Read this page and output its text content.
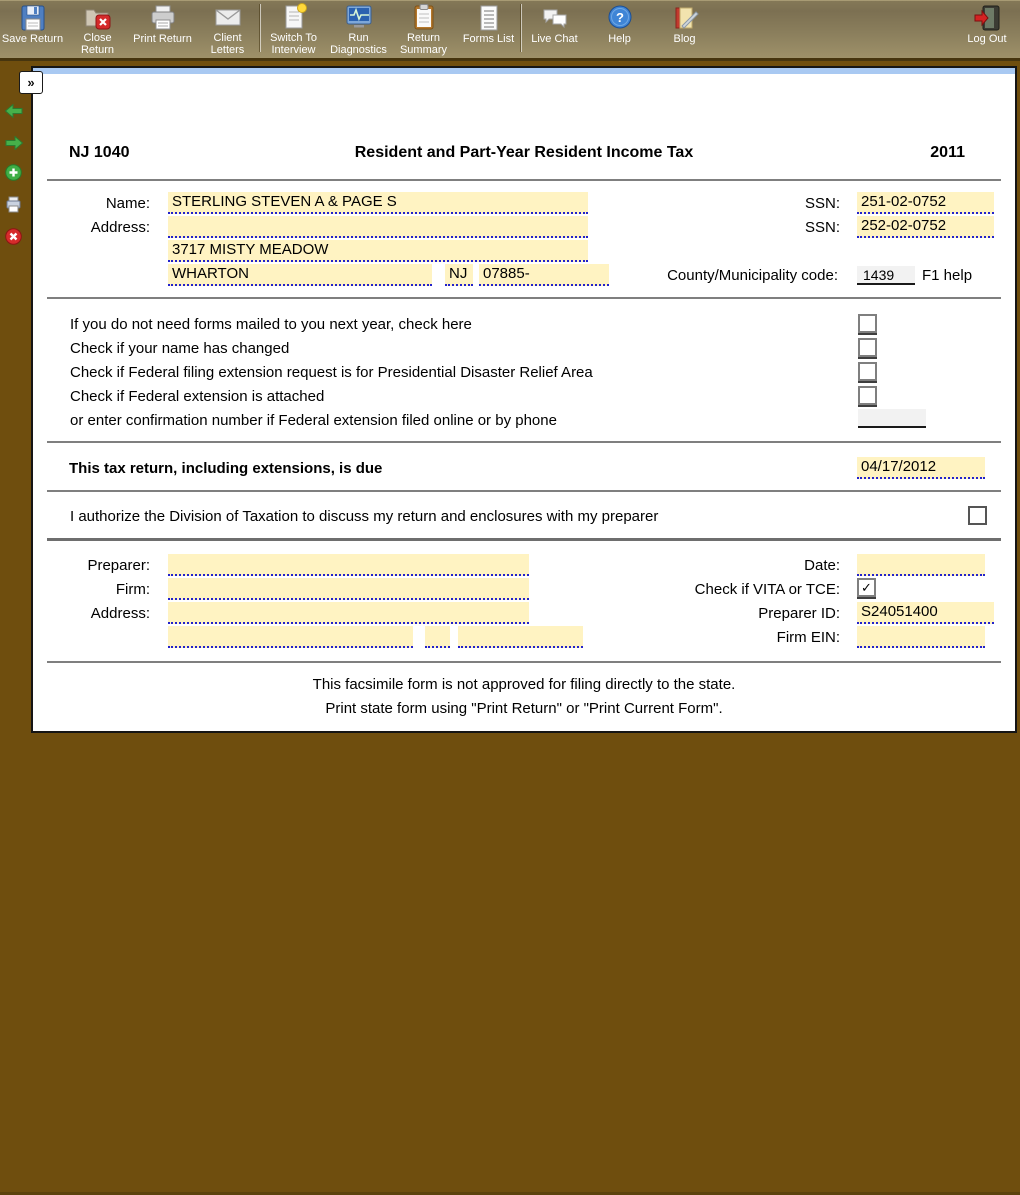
Save Return	Close Return
Print Return	Client Letters
Switch To Interview
Run Diagnostics
Return Summary
Forms List Live Chat
?
Help	Blog	Log Out
»
NJ 1040	Resident and Part-Year Resident Income Tax	2011
Name: STERLING STEVEN A & PAGE S	SSN: 251-02-0752
Address:	SSN: 252-02-0752
3717 MISTY MEADOW
WHARTON	NJ	07885-	County/Municipality code:	1439	F1 help
If you do not need forms mailed to you next year, check here
Check if your name has changed
Check if Federal filing extension request is for Presidential Disaster Relief Area
Check if Federal extension is attached
or enter confirmation number if Federal extension filed online or by phone
This tax return, including extensions, is due	04/17/2012
I authorize the Division of Taxation to discuss my return and enclosures with my preparer
Preparer:	Date:
Firm:	Check if VITA or TCE: ✓
Address:	Preparer ID: S24051400
Firm EIN:
This facsimile form is not approved for filing directly to the state.
Print state form using "Print Return" or "Print Current Form".
